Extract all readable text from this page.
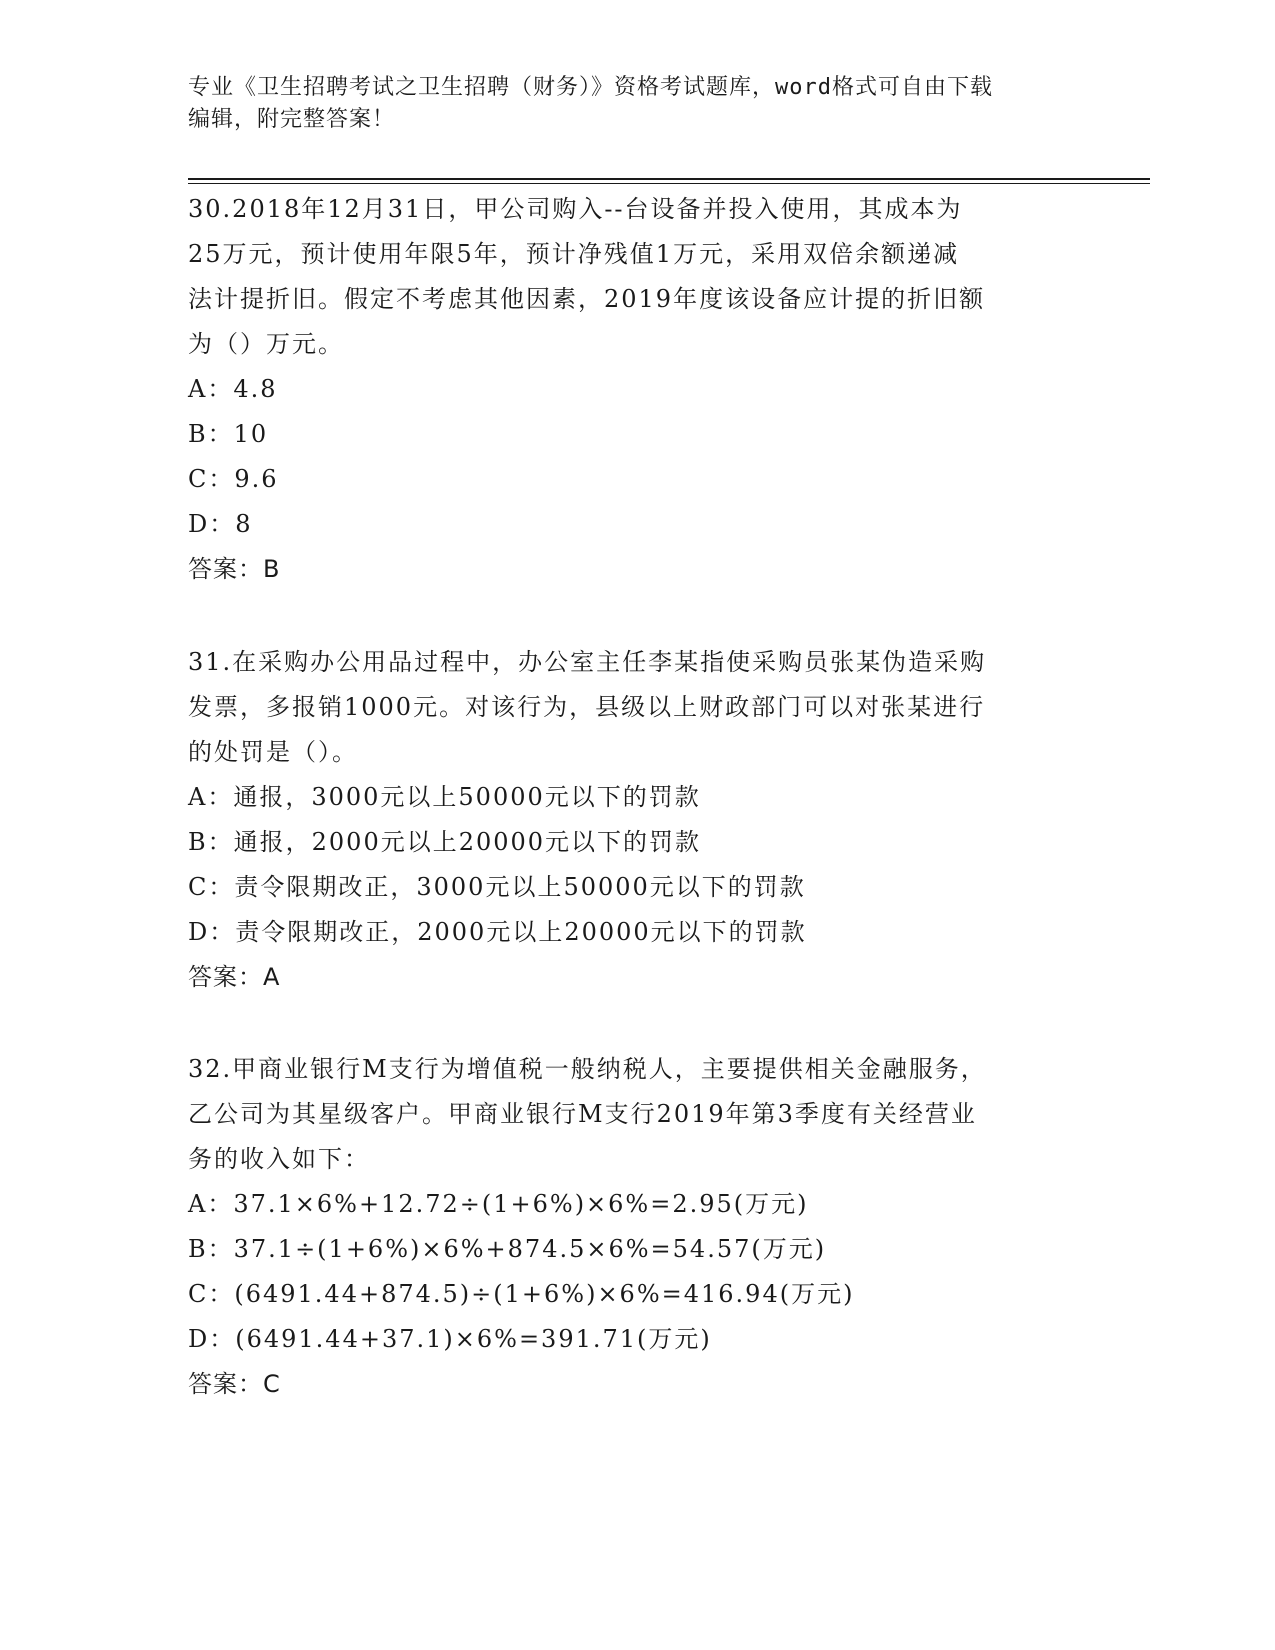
专业《卫生招聘考试之卫生招聘（财务）》资格考试题库，word格式可自由下载
编辑，附完整答案！

30.2018年12月31日，甲公司购入--台设备并投入使用，其成本为

25万元，预计使用年限5年，预计净残值1万元，采用双倍余额递减

法计提折旧。假定不考虑其他因素，2019年度该设备应计提的折旧额

为（）万元。

A：4.8

B：10

C：9.6

D：8

答案：B

31.在采购办公用品过程中，办公室主任李某指使采购员张某伪造采购

发票，多报销1000元。对该行为，县级以上财政部门可以对张某进行

的处罚是（）。

A：通报，3000元以上50000元以下的罚款

B：通报，2000元以上20000元以下的罚款

C：责令限期改正，3000元以上50000元以下的罚款

D：责令限期改正，2000元以上20000元以下的罚款

答案：A

32.甲商业银行M支行为增值税一般纳税人，主要提供相关金融服务，

乙公司为其星级客户。甲商业银行M支行2019年第3季度有关经营业

务的收入如下：

A：37.1×6%+12.72÷(1+6%)×6%=2.95(万元)

B：37.1÷(1+6%)×6%+874.5×6%=54.57(万元)

C：(6491.44+874.5)÷(1+6%)×6%=416.94(万元)

D：(6491.44+37.1)×6%=391.71(万元)

答案：C
